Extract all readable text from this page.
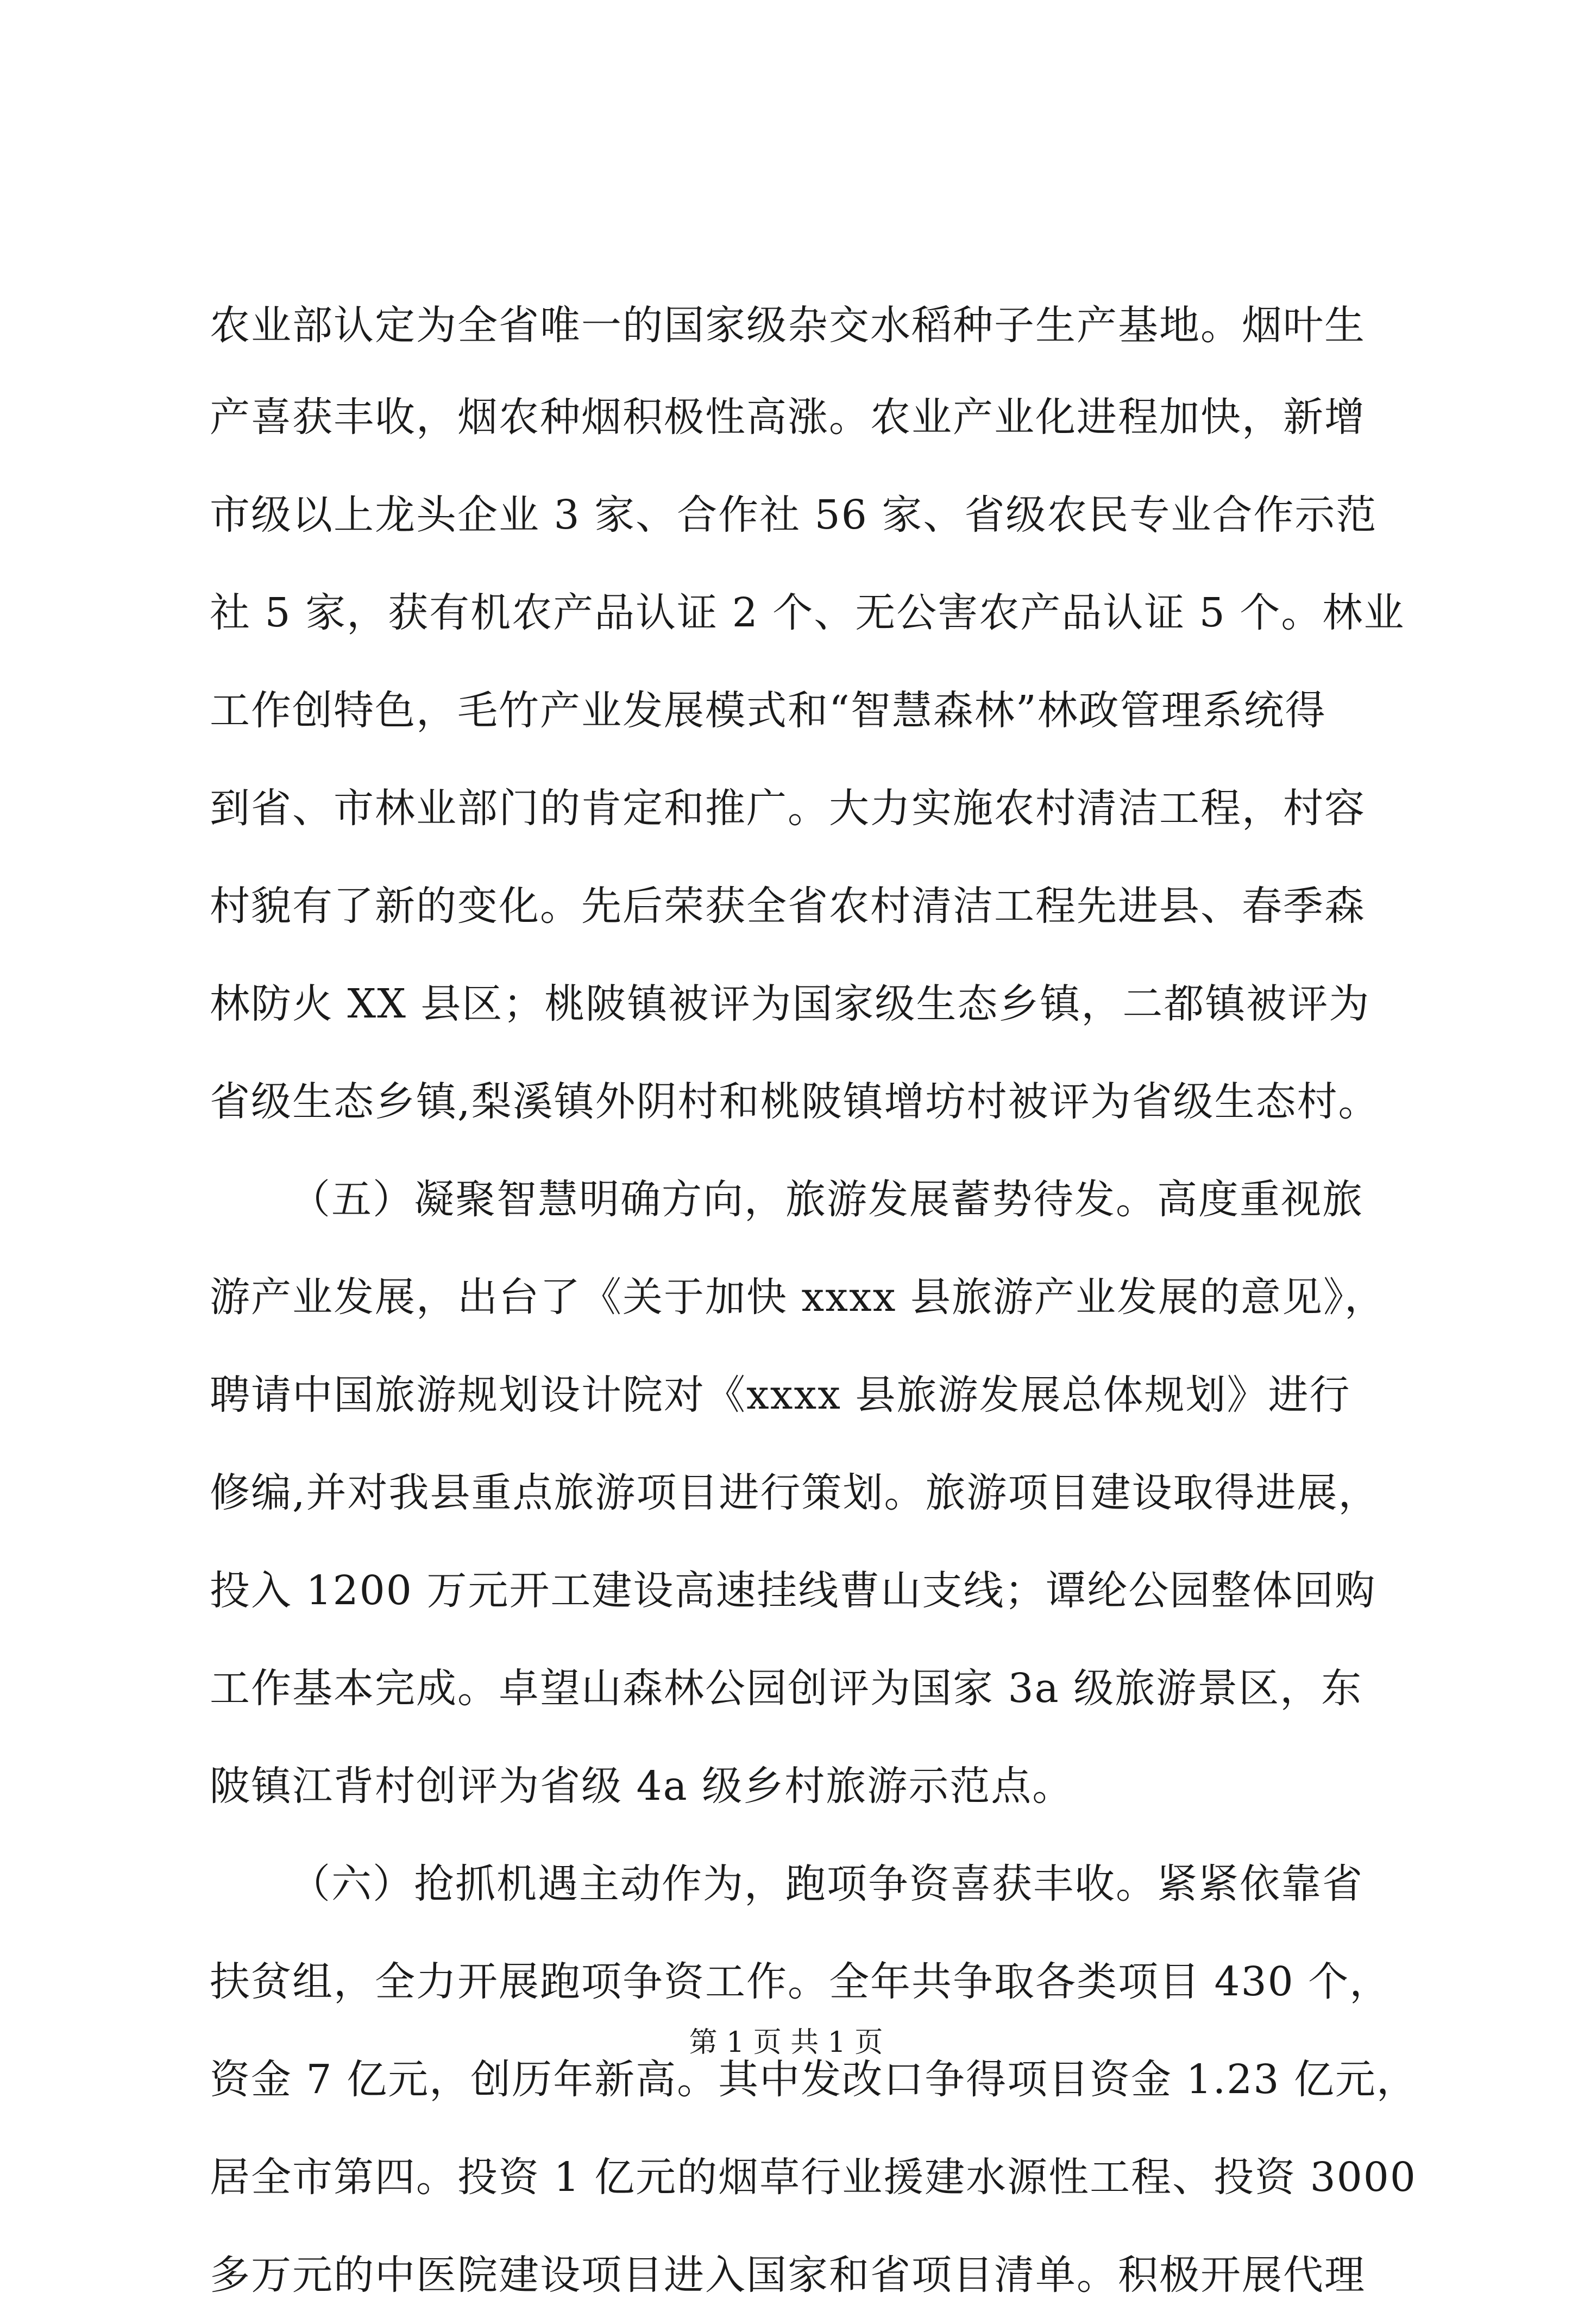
农业部认定为全省唯一的国家级杂交水稻种子生产基地。烟叶生
产喜获丰收，烟农种烟积极性高涨。农业产业化进程加快，新增
市级以上龙头企业 3 家、合作社 56 家、省级农民专业合作示范
社 5 家，获有机农产品认证 2 个、无公害农产品认证 5 个。林业
工作创特色，毛竹产业发展模式和“智慧森林”林政管理系统得
到省、市林业部门的肯定和推广。大力实施农村清洁工程，村容
村貌有了新的变化。先后荣获全省农村清洁工程先进县、春季森
林防火 XX 县区；桃陂镇被评为国家级生态乡镇，二都镇被评为
省级生态乡镇,梨溪镇外阴村和桃陂镇增坊村被评为省级生态村。
（五）凝聚智慧明确方向，旅游发展蓄势待发。高度重视旅
游产业发展，出台了《关于加快 xxxx 县旅游产业发展的意见》，
聘请中国旅游规划设计院对《xxxx 县旅游发展总体规划》进行
修编,并对我县重点旅游项目进行策划。旅游项目建设取得进展，
投入 1200 万元开工建设高速挂线曹山支线；谭纶公园整体回购
工作基本完成。卓望山森林公园创评为国家 3a 级旅游景区，东
陂镇江背村创评为省级 4a 级乡村旅游示范点。
（六）抢抓机遇主动作为，跑项争资喜获丰收。紧紧依靠省
扶贫组，全力开展跑项争资工作。全年共争取各类项目 430 个，
资金 7 亿元，创历年新高。其中发改口争得项目资金 1.23 亿元，
居全市第四。投资 1 亿元的烟草行业援建水源性工程、投资 3000
多万元的中医院建设项目进入国家和省项目清单。积极开展代理
第 1 页 共 1 页
